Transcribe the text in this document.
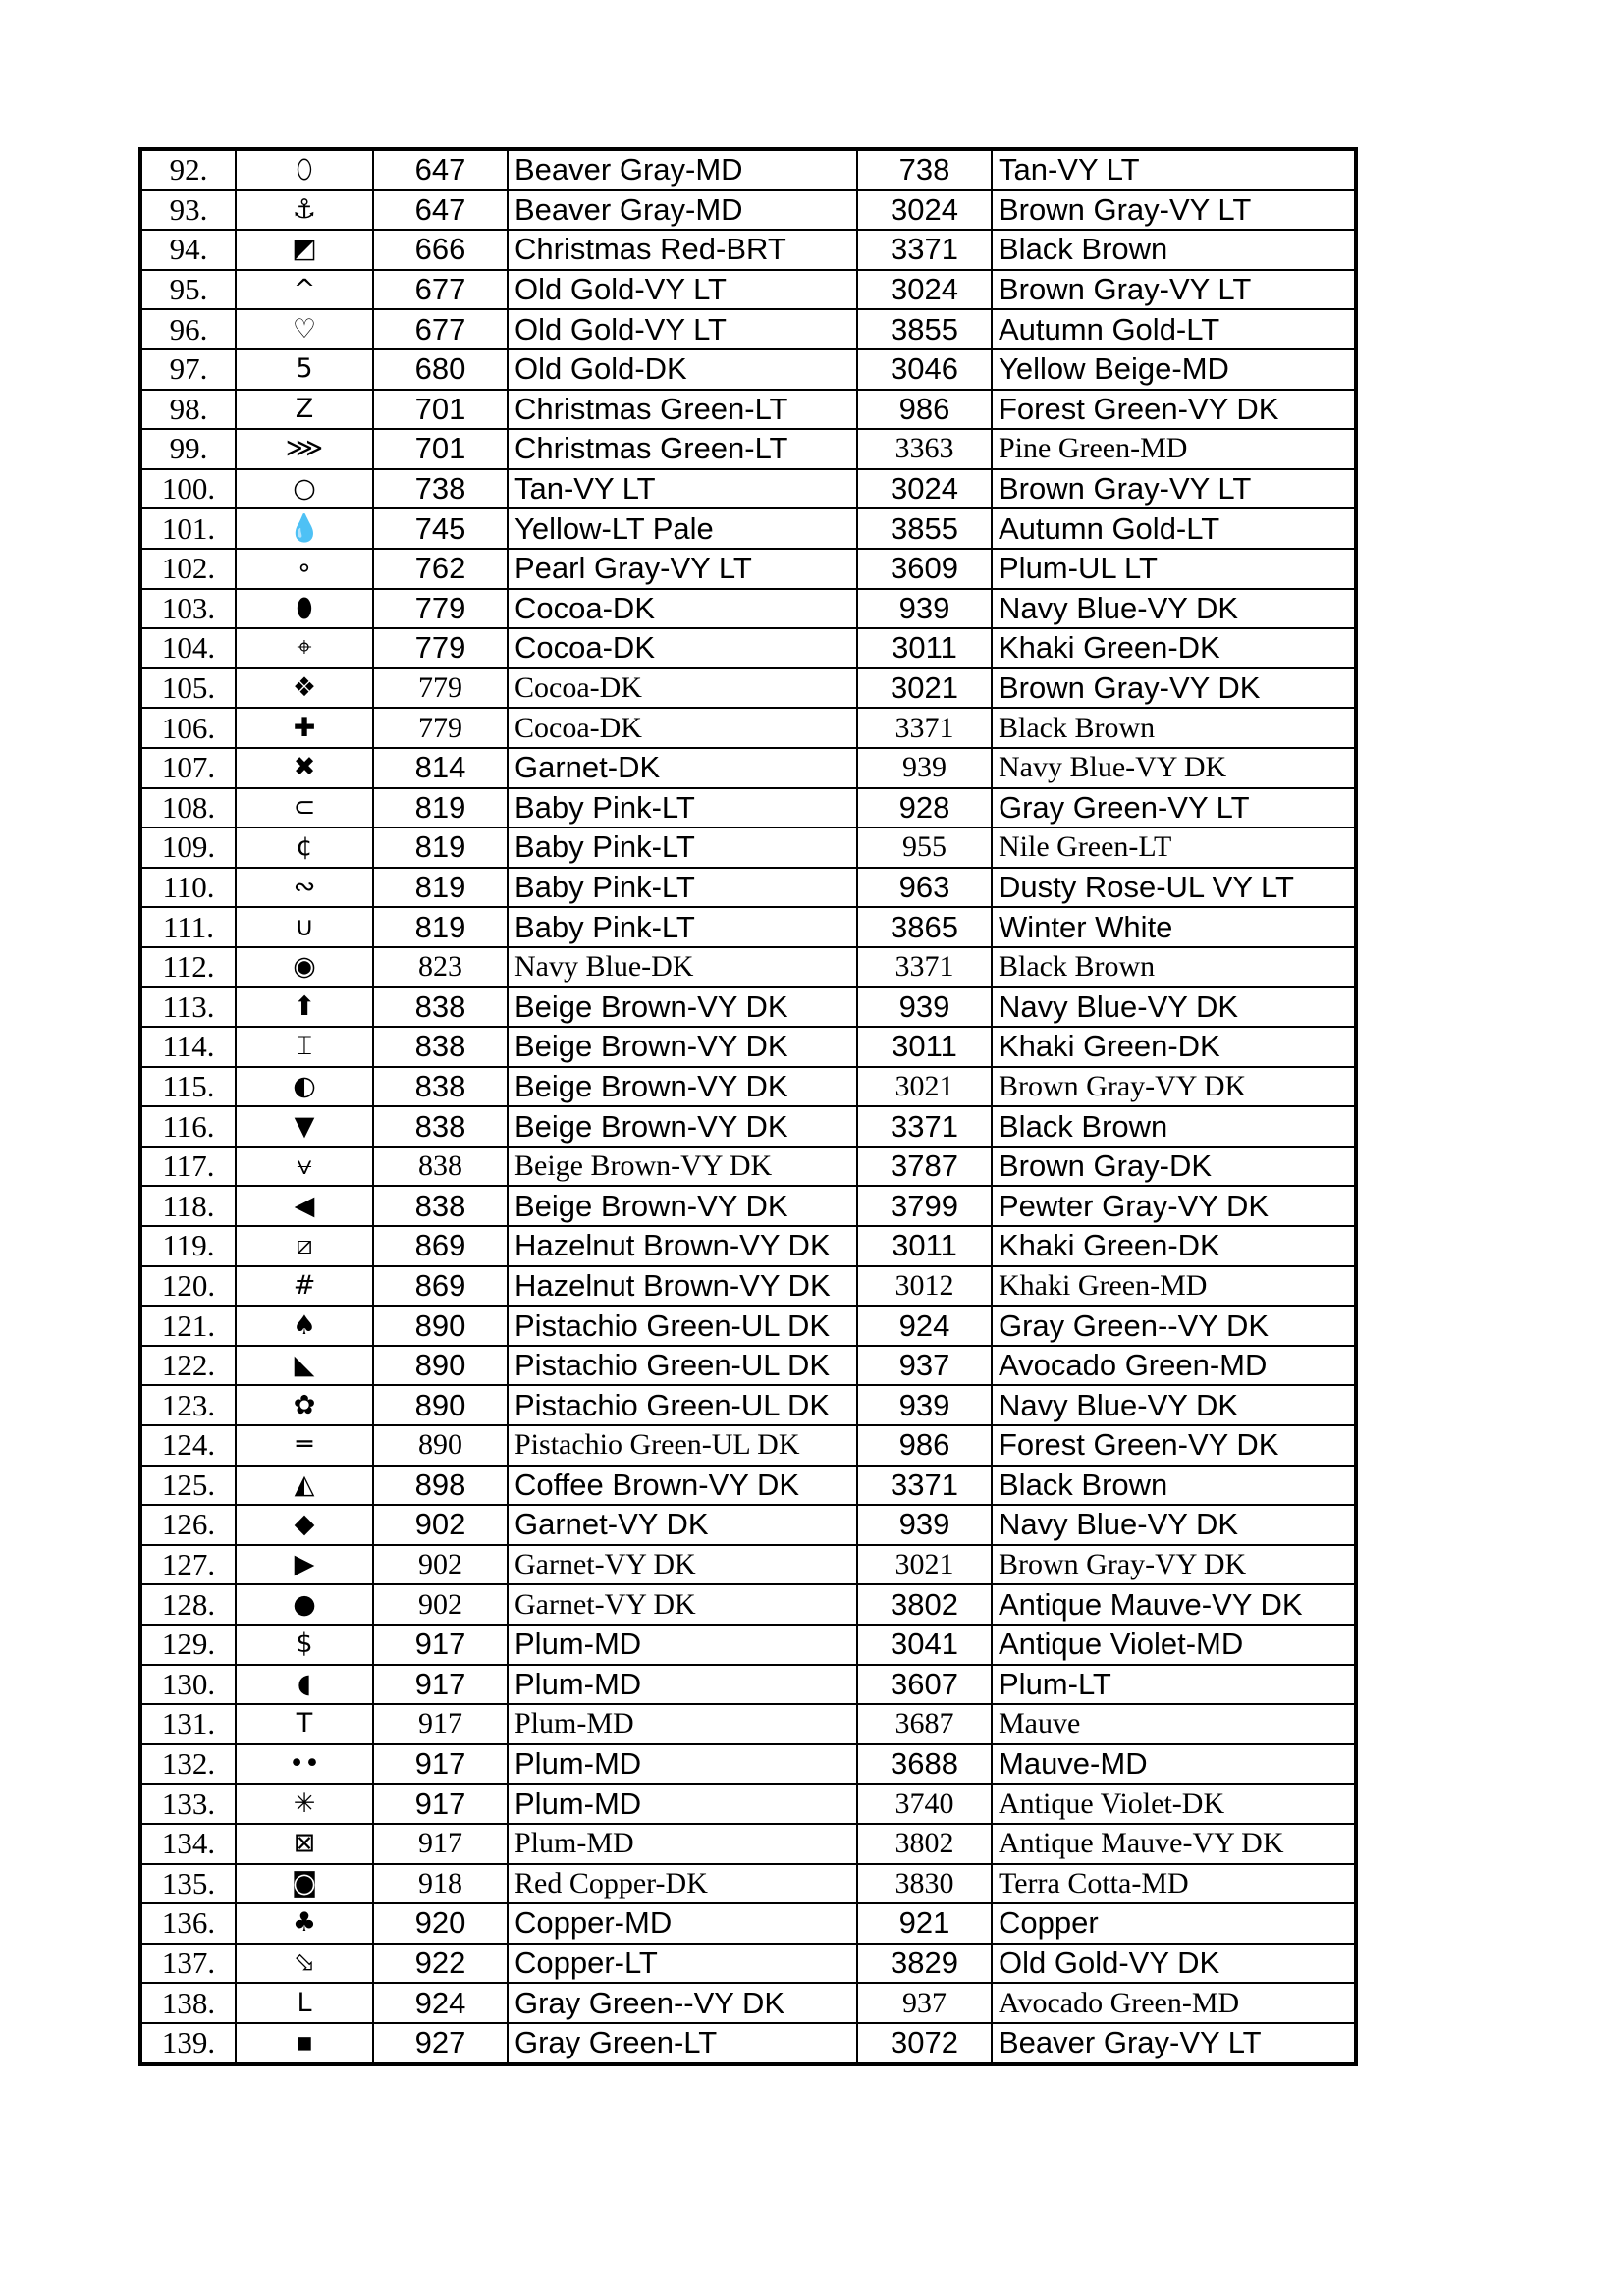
92.	⬯	647	Beaver Gray-MD	738	Tan-VY LT
93.	⚓	647	Beaver Gray-MD	3024	Brown Gray-VY LT
94.	◩	666	Christmas Red-BRT	3371	Black Brown
95.	^	677	Old Gold-VY LT	3024	Brown Gray-VY LT
96.	♡	677	Old Gold-VY LT	3855	Autumn Gold-LT
97.	5	680	Old Gold-DK	3046	Yellow Beige-MD
98.	Z	701	Christmas Green-LT	986	Forest Green-VY DK
99.	⋙	701	Christmas Green-LT	3363	Pine Green-MD
100.	○	738	Tan-VY LT	3024	Brown Gray-VY LT
101.	💧	745	Yellow-LT Pale	3855	Autumn Gold-LT
102.	∘	762	Pearl Gray-VY LT	3609	Plum-UL LT
103.	⬮	779	Cocoa-DK	939	Navy Blue-VY DK
104.	⌖	779	Cocoa-DK	3011	Khaki Green-DK
105.	❖	779	Cocoa-DK	3021	Brown Gray-VY DK
106.	✚	779	Cocoa-DK	3371	Black Brown
107.	✖	814	Garnet-DK	939	Navy Blue-VY DK
108.	⊂	819	Baby Pink-LT	928	Gray Green-VY LT
109.	¢	819	Baby Pink-LT	955	Nile Green-LT
110.	∾	819	Baby Pink-LT	963	Dusty Rose-UL VY LT
111.	∪	819	Baby Pink-LT	3865	Winter White
112.	◉	823	Navy Blue-DK	3371	Black Brown
113.	⬆	838	Beige Brown-VY DK	939	Navy Blue-VY DK
114.	⌶	838	Beige Brown-VY DK	3011	Khaki Green-DK
115.	◐	838	Beige Brown-VY DK	3021	Brown Gray-VY DK
116.	▼	838	Beige Brown-VY DK	3371	Black Brown
117.	⩝	838	Beige Brown-VY DK	3787	Brown Gray-DK
118.	◀	838	Beige Brown-VY DK	3799	Pewter Gray-VY DK
119.	⧄	869	Hazelnut Brown-VY DK	3011	Khaki Green-DK
120.	#	869	Hazelnut Brown-VY DK	3012	Khaki Green-MD
121.	♠	890	Pistachio Green-UL DK	924	Gray Green--VY DK
122.	◣	890	Pistachio Green-UL DK	937	Avocado Green-MD
123.	✿	890	Pistachio Green-UL DK	939	Navy Blue-VY DK
124.	═	890	Pistachio Green-UL DK	986	Forest Green-VY DK
125.	◭	898	Coffee Brown-VY DK	3371	Black Brown
126.	◆	902	Garnet-VY DK	939	Navy Blue-VY DK
127.	▶	902	Garnet-VY DK	3021	Brown Gray-VY DK
128.	●	902	Garnet-VY DK	3802	Antique Mauve-VY DK
129.	$	917	Plum-MD	3041	Antique Violet-MD
130.	◖	917	Plum-MD	3607	Plum-LT
131.	T	917	Plum-MD	3687	Mauve
132.	••	917	Plum-MD	3688	Mauve-MD
133.	✳	917	Plum-MD	3740	Antique Violet-DK
134.	⊠	917	Plum-MD	3802	Antique Mauve-VY DK
135.	◙	918	Red Copper-DK	3830	Terra Cotta-MD
136.	♣	920	Copper-MD	921	Copper
137.	⬂	922	Copper-LT	3829	Old Gold-VY DK
138.	L	924	Gray Green--VY DK	937	Avocado Green-MD
139.	▪	927	Gray Green-LT	3072	Beaver Gray-VY LT
